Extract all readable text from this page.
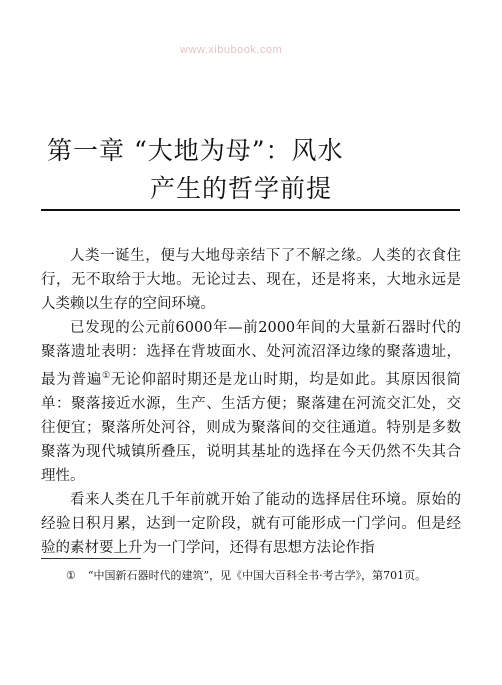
www.xibubook.com
第一章 “大地为母”：风水
产生的哲学前提

人类一诞生，便与大地母亲结下了不解之缘。人类的衣食住行，无不取给于大地。无论过去、现在，还是将来，大地永远是人类赖以生存的空间环境。

已发现的公元前6000年—前2000年间的大量新石器时代的聚落遗址表明：选择在背坡面水、处河流沼泽边缘的聚落遗址，最为普遍①无论仰韶时期还是龙山时期，均是如此。其原因很简单：聚落接近水源，生产、生活方便；聚落建在河流交汇处，交往便宜；聚落所处河谷，则成为聚落间的交往通道。特别是多数聚落为现代城镇所叠压，说明其基址的选择在今天仍然不失其合理性。

看来人类在几千年前就开始了能动的选择居住环境。原始的经验日积月累，达到一定阶段，就有可能形成一门学问。但是经验的素材要上升为一门学问，还得有思想方法论作指

① “中国新石器时代的建筑”，见《中国大百科全书·考古学》，第701页。
